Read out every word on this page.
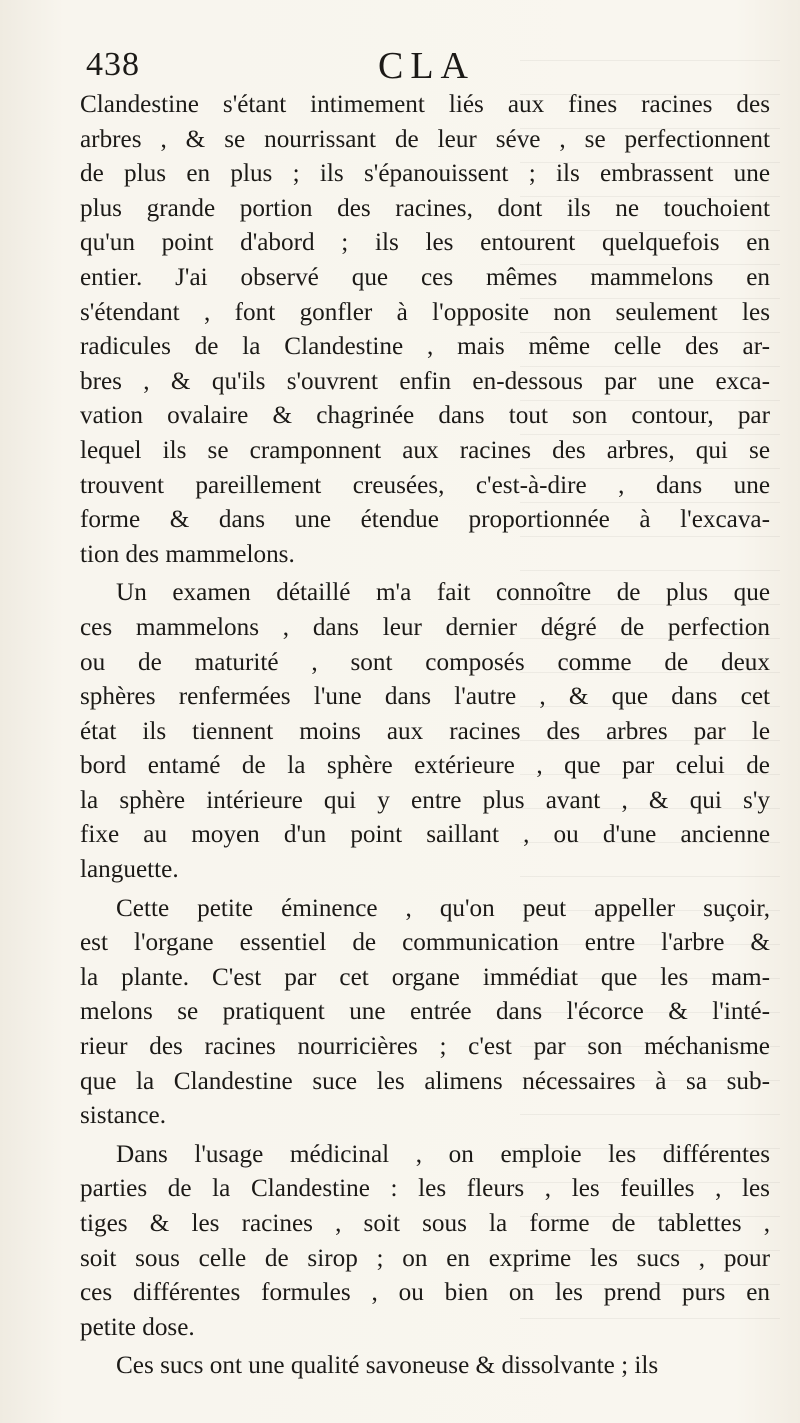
438	CLA
Clandestine s'étant intimement liés aux fines racines des
arbres , & se nourrissant de leur séve , se perfectionnent
de plus en plus ; ils s'épanouissent ; ils embrassent une
plus grande portion des racines, dont ils ne touchoient
qu'un point d'abord ; ils les entourent quelquefois en
entier. J'ai observé que ces mêmes mammelons en
s'étendant , font gonfler à l'opposite non seulement les
radicules de la Clandestine , mais même celle des ar-
bres , & qu'ils s'ouvrent enfin en-dessous par une exca-
vation ovalaire & chagrinée dans tout son contour, par
lequel ils se cramponnent aux racines des arbres, qui se
trouvent pareillement creusées, c'est-à-dire , dans une
forme & dans une étendue proportionnée à l'excava-
tion des mammelons.
Un examen détaillé m'a fait connoître de plus que
ces mammelons , dans leur dernier dégré de perfection
ou de maturité , sont composés comme de deux
sphères renfermées l'une dans l'autre , & que dans cet
état ils tiennent moins aux racines des arbres par le
bord entamé de la sphère extérieure , que par celui de
la sphère intérieure qui y entre plus avant , & qui s'y
fixe au moyen d'un point saillant , ou d'une ancienne
languette.
Cette petite éminence , qu'on peut appeller suçoir,
est l'organe essentiel de communication entre l'arbre &
la plante. C'est par cet organe immédiat que les mam-
melons se pratiquent une entrée dans l'écorce & l'inté-
rieur des racines nourricières ; c'est par son méchanisme
que la Clandestine suce les alimens nécessaires à sa sub-
sistance.
Dans l'usage médicinal , on emploie les différentes
parties de la Clandestine : les fleurs , les feuilles , les
tiges & les racines , soit sous la forme de tablettes ,
soit sous celle de sirop ; on en exprime les sucs , pour
ces différentes formules , ou bien on les prend purs en
petite dose.
Ces sucs ont une qualité savoneuse & dissolvante ; ils
